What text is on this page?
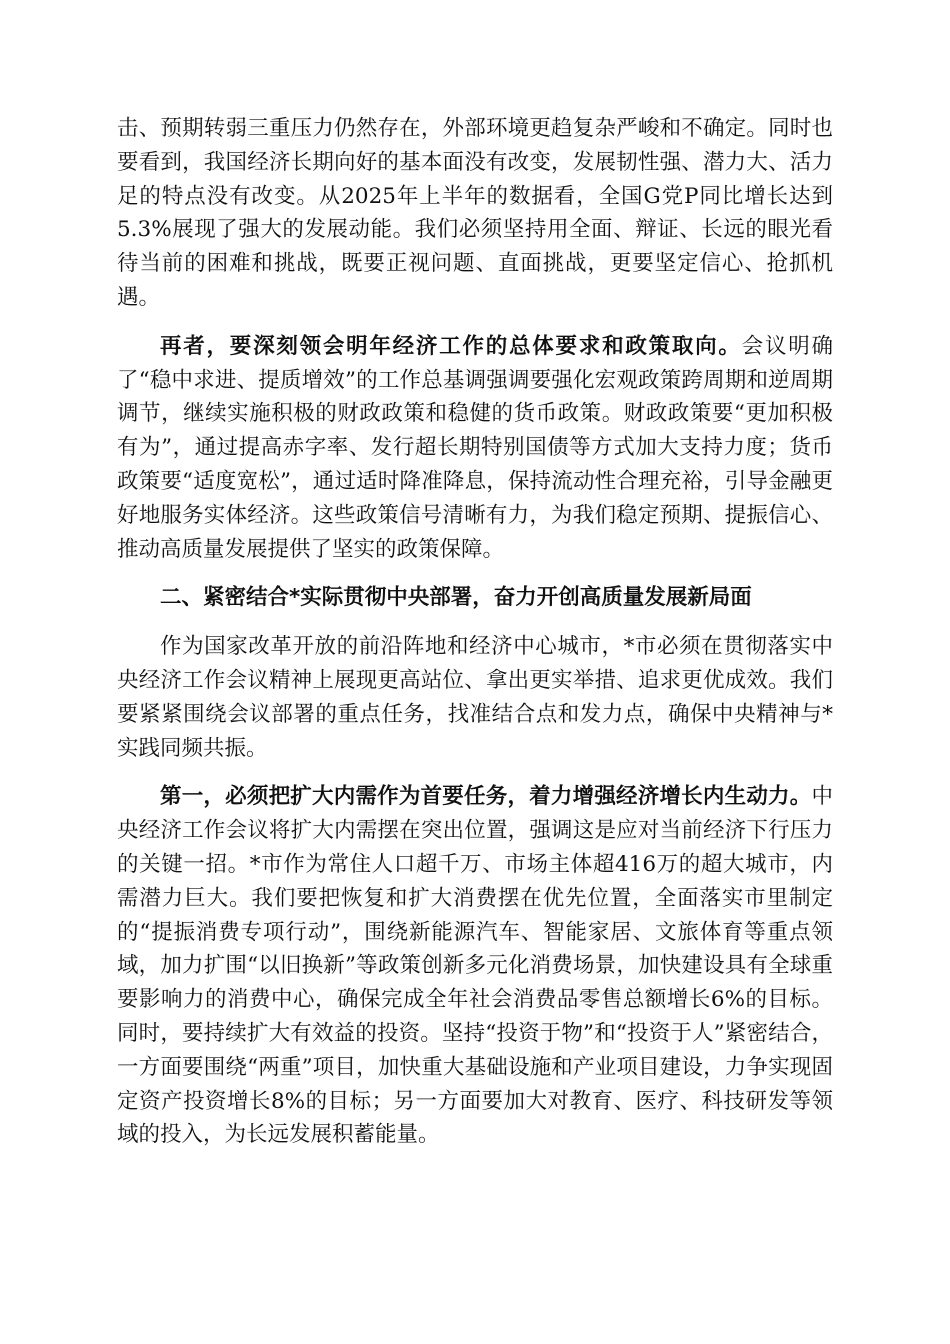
击、预期转弱三重压力仍然存在，外部环境更趋复杂严峻和不确定。同时也要看到，我国经济长期向好的基本面没有改变，发展韧性强、潜力大、活力足的特点没有改变。从2025年上半年的数据看，全国G党P同比增长达到5.3%展现了强大的发展动能。我们必须坚持用全面、辩证、长远的眼光看待当前的困难和挑战，既要正视问题、直面挑战，更要坚定信心、抢抓机遇。

再者，要深刻领会明年经济工作的总体要求和政策取向。会议明确了“稳中求进、提质增效”的工作总基调强调要强化宏观政策跨周期和逆周期调节，继续实施积极的财政政策和稳健的货币政策。财政政策要“更加积极有为”，通过提高赤字率、发行超长期特别国债等方式加大支持力度；货币政策要“适度宽松”，通过适时降准降息，保持流动性合理充裕，引导金融更好地服务实体经济。这些政策信号清晰有力，为我们稳定预期、提振信心、推动高质量发展提供了坚实的政策保障。

二、紧密结合*实际贯彻中央部署，奋力开创高质量发展新局面

作为国家改革开放的前沿阵地和经济中心城市，*市必须在贯彻落实中央经济工作会议精神上展现更高站位、拿出更实举措、追求更优成效。我们要紧紧围绕会议部署的重点任务，找准结合点和发力点，确保中央精神与*实践同频共振。

第一，必须把扩大内需作为首要任务，着力增强经济增长内生动力。中央经济工作会议将扩大内需摆在突出位置，强调这是应对当前经济下行压力的关键一招。*市作为常住人口超千万、市场主体超416万的超大城市，内需潜力巨大。我们要把恢复和扩大消费摆在优先位置，全面落实市里制定的“提振消费专项行动”，围绕新能源汽车、智能家居、文旅体育等重点领域，加力扩围“以旧换新”等政策创新多元化消费场景，加快建设具有全球重要影响力的消费中心，确保完成全年社会消费品零售总额增长6%的目标。同时，要持续扩大有效益的投资。坚持“投资于物”和“投资于人”紧密结合，一方面要围绕“两重”项目，加快重大基础设施和产业项目建设，力争实现固定资产投资增长8%的目标；另一方面要加大对教育、医疗、科技研发等领域的投入，为长远发展积蓄能量。
